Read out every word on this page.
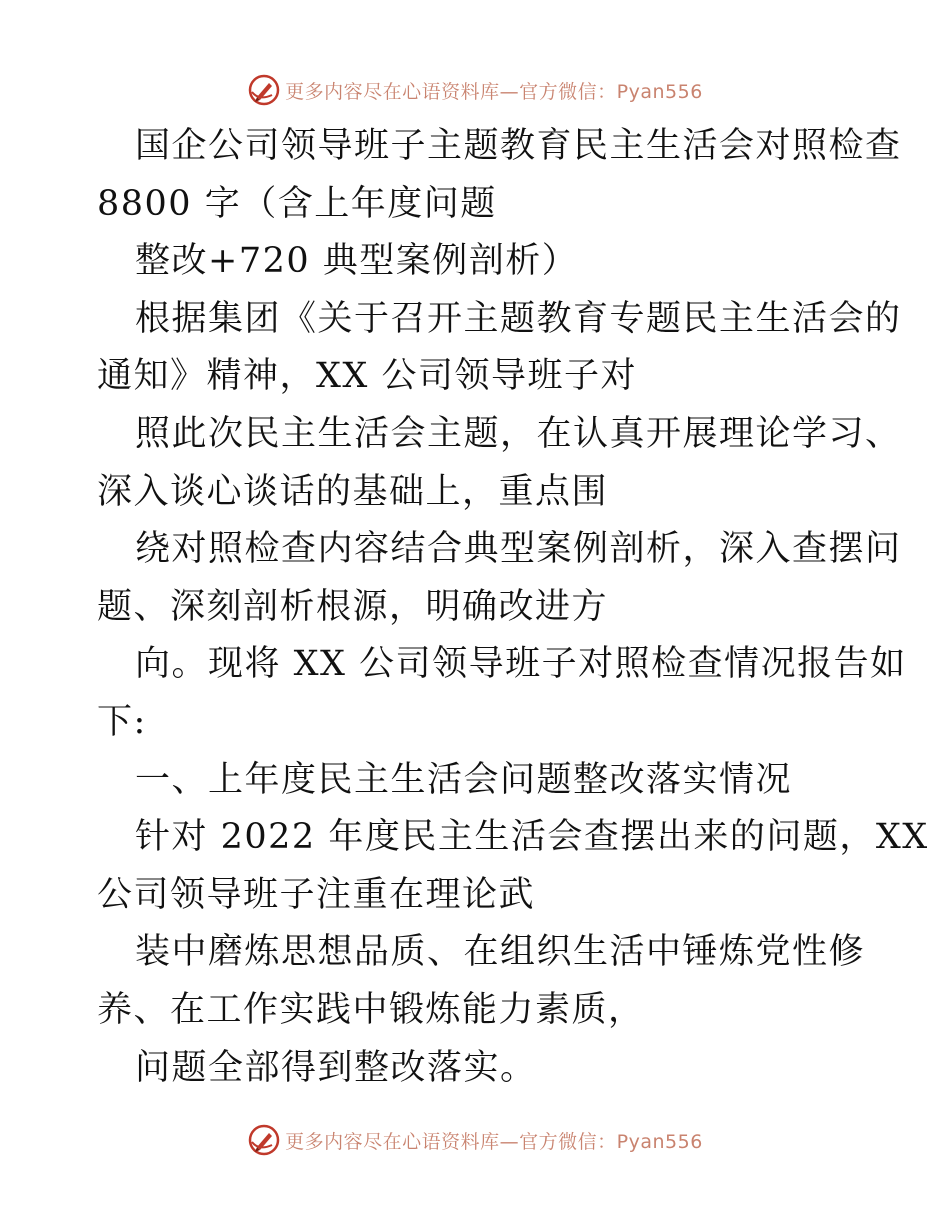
更多内容尽在心语资料库—官方微信：Pyan556
国企公司领导班子主题教育民主生活会对照检查
8800 字（含上年度问题
整改+720 典型案例剖析）
根据集团《关于召开主题教育专题民主生活会的
通知》精神，XX 公司领导班子对
照此次民主生活会主题，在认真开展理论学习、
深入谈心谈话的基础上，重点围
绕对照检查内容结合典型案例剖析，深入查摆问
题、深刻剖析根源，明确改进方
向。现将 XX 公司领导班子对照检查情况报告如
下:
一、上年度民主生活会问题整改落实情况
针对 2022 年度民主生活会查摆出来的问题，XX
公司领导班子注重在理论武
装中磨炼思想品质、在组织生活中锤炼党性修
养、在工作实践中锻炼能力素质，
问题全部得到整改落实。
更多内容尽在心语资料库—官方微信：Pyan556
